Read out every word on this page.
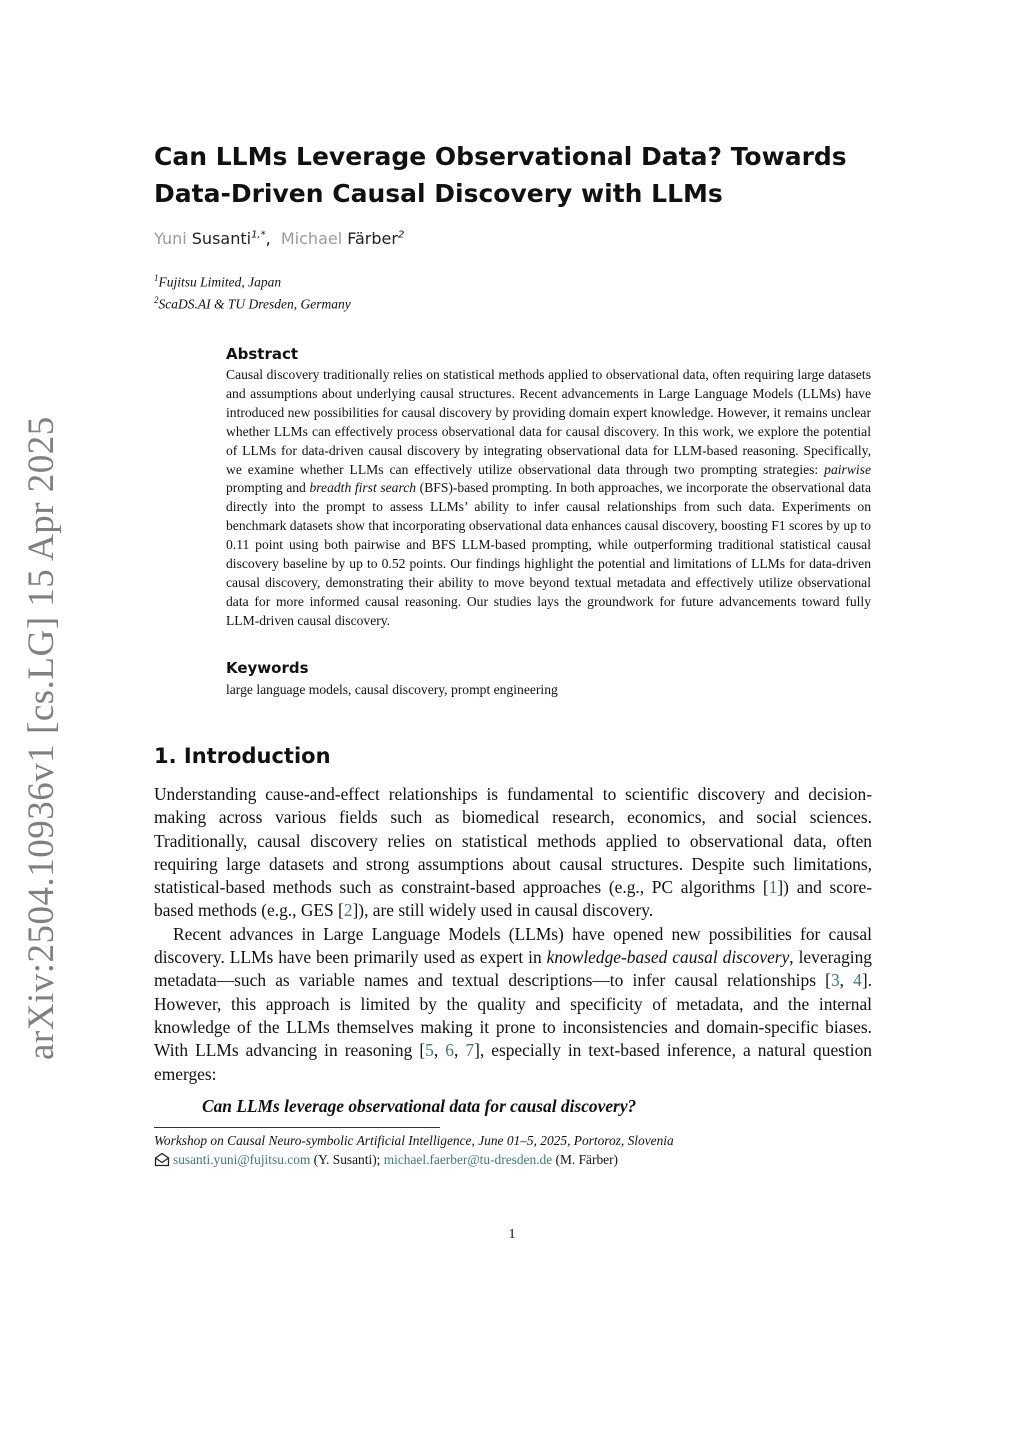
arXiv:2504.10936v1 [cs.LG] 15 Apr 2025
Can LLMs Leverage Observational Data? Towards
Data-Driven Causal Discovery with LLMs
Yuni Susanti$^{1,*}$, Michael Färber$^2$
$^1$Fujitsu Limited, Japan
$^2$ScaDS.AI & TU Dresden, Germany
Abstract

Causal discovery traditionally relies on statistical methods applied to observational data, often requiring large datasets and assumptions about underlying causal structures. Recent advancements in Large Language Models (LLMs) have introduced new possibilities for causal discovery by providing domain expert knowledge. However, it remains unclear whether LLMs can effectively process observational data for causal discovery. In this work, we explore the potential of LLMs for data-driven causal discovery by integrating observational data for LLM-based reasoning. Specifically, we examine whether LLMs can effectively utilize observational data through two prompting strategies: pairwise prompting and breadth first search (BFS)-based prompting. In both approaches, we incorporate the observational data directly into the prompt to assess LLMs’ ability to infer causal relationships from such data. Experiments on benchmark datasets show that incorporating observational data enhances causal discovery, boosting F1 scores by up to 0.11 point using both pairwise and BFS LLM-based prompting, while outperforming traditional statistical causal discovery baseline by up to 0.52 points. Our findings highlight the potential and limitations of LLMs for data-driven causal discovery, demonstrating their ability to move beyond textual metadata and effectively utilize observational data for more informed causal reasoning. Our studies lays the groundwork for future advancements toward fully LLM-driven causal discovery.

Keywords
large language models, causal discovery, prompt engineering
1. Introduction

Understanding cause-and-effect relationships is fundamental to scientific discovery and decision-making across various fields such as biomedical research, economics, and social sciences. Traditionally, causal discovery relies on statistical methods applied to observational data, often requiring large datasets and strong assumptions about causal structures. Despite such limitations, statistical-based methods such as constraint-based approaches (e.g., PC algorithms [1]) and score-based methods (e.g., GES [2]), are still widely used in causal discovery.

Recent advances in Large Language Models (LLMs) have opened new possibilities for causal discovery. LLMs have been primarily used as expert in knowledge-based causal discovery, leveraging metadata—such as variable names and textual descriptions—to infer causal relationships [3, 4]. However, this approach is limited by the quality and specificity of metadata, and the internal knowledge of the LLMs themselves making it prone to inconsistencies and domain-specific biases. With LLMs advancing in reasoning [5, 6, 7], especially in text-based inference, a natural question emerges:

Can LLMs leverage observational data for causal discovery?
Workshop on Causal Neuro-symbolic Artificial Intelligence, June 01–5, 2025, Portoroz, Slovenia
susanti.yuni@fujitsu.com (Y. Susanti); michael.faerber@tu-dresden.de (M. Färber)
1
